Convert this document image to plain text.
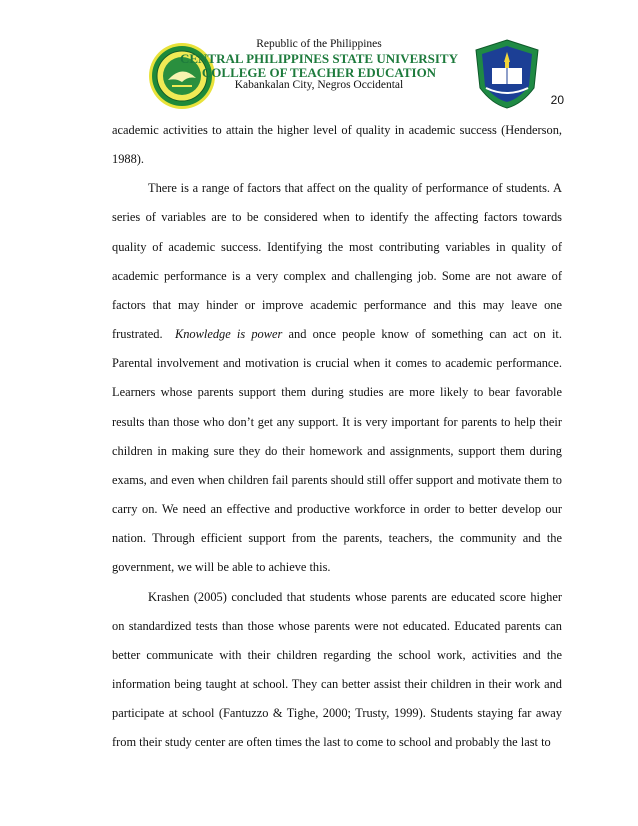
Republic of the Philippines
CENTRAL PHILIPPINES STATE UNIVERSITY
COLLEGE OF TEACHER EDUCATION
Kabankalan City, Negros Occidental
20

academic activities to attain the higher level of quality in academic success (Henderson, 1988).

There is a range of factors that affect on the quality of performance of students. A series of variables are to be considered when to identify the affecting factors towards quality of academic success. Identifying the most contributing variables in quality of academic performance is a very complex and challenging job. Some are not aware of factors that may hinder or improve academic performance and this may leave one frustrated. Knowledge is power and once people know of something can act on it. Parental involvement and motivation is crucial when it comes to academic performance. Learners whose parents support them during studies are more likely to bear favorable results than those who don’t get any support. It is very important for parents to help their children in making sure they do their homework and assignments, support them during exams, and even when children fail parents should still offer support and motivate them to carry on. We need an effective and productive workforce in order to better develop our nation. Through efficient support from the parents, teachers, the community and the government, we will be able to achieve this.

Krashen (2005) concluded that students whose parents are educated score higher on standardized tests than those whose parents were not educated. Educated parents can better communicate with their children regarding the school work, activities and the information being taught at school. They can better assist their children in their work and participate at school (Fantuzzo & Tighe, 2000; Trusty, 1999). Students staying far away from their study center are often times the last to come to school and probably the last to
